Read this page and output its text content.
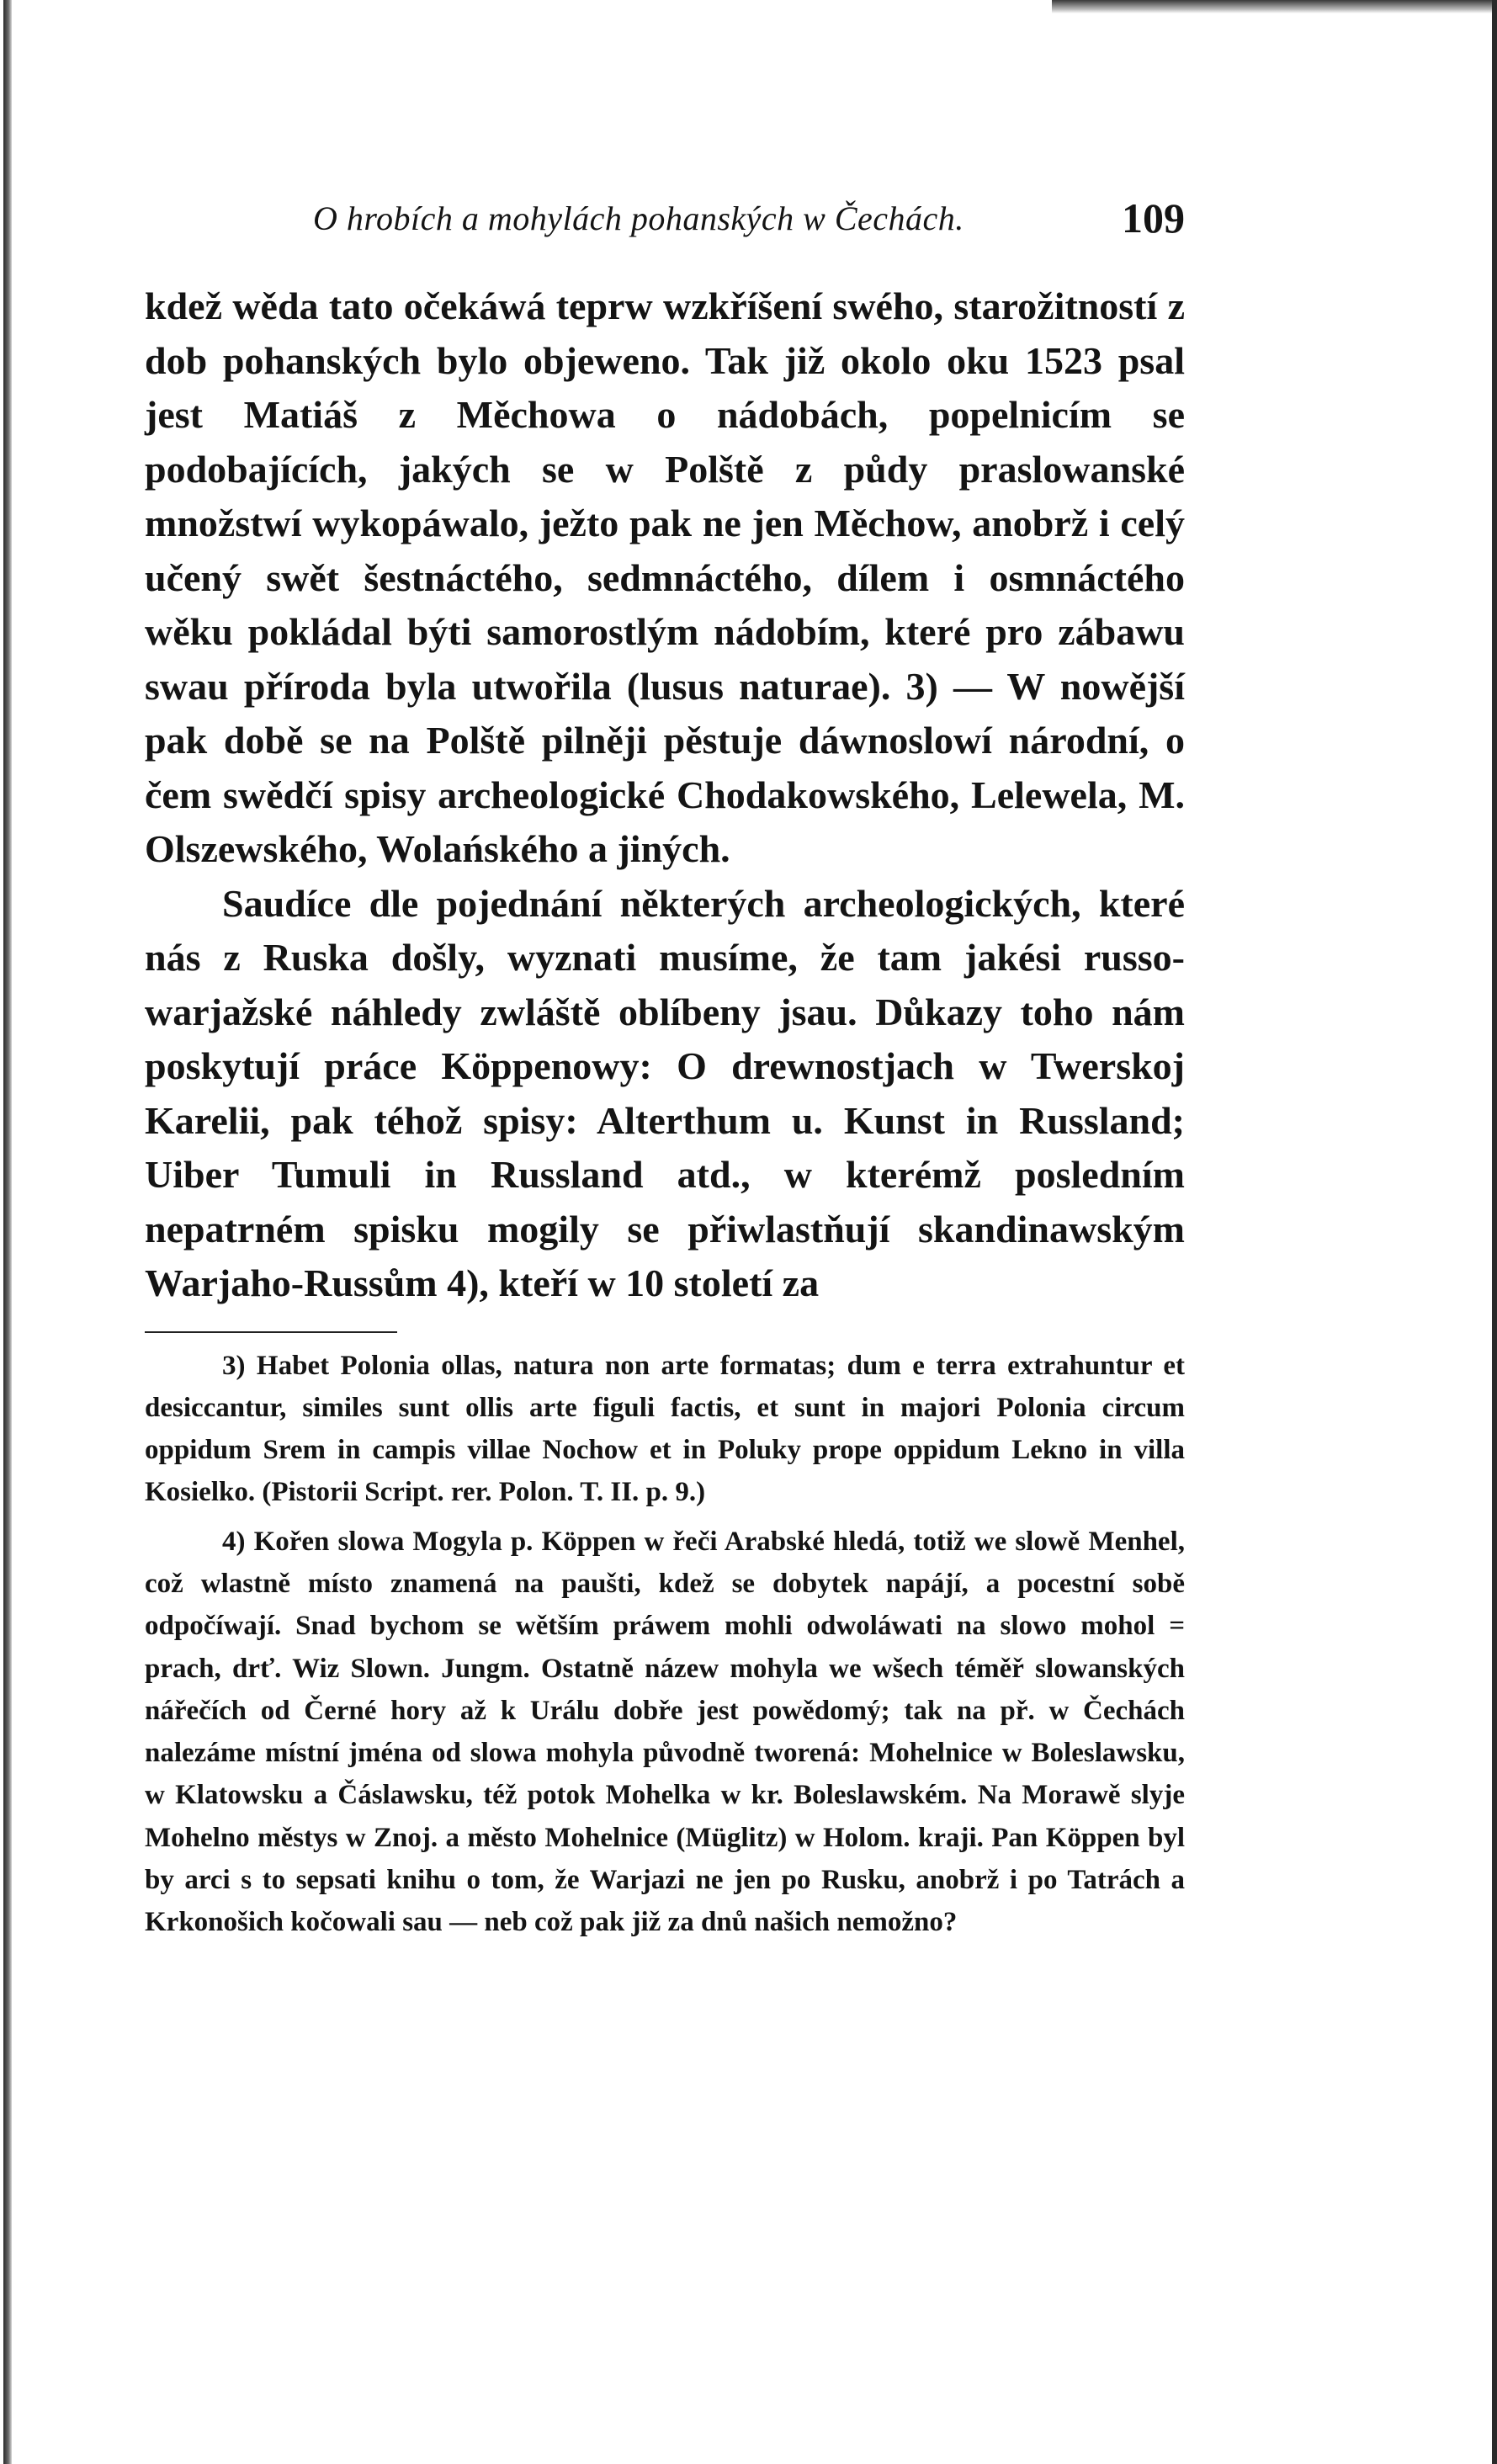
O hrobích a mohylách pohanských w Čechách.	109

kdež wěda tato očekáwá teprw wzkříšení swého, starožitností z dob pohanských bylo objeweno. Tak již okolo oku 1523 psal jest Matiáš z Měchowa o nádobách, popelnicím se podobajících, jakých se w Polště z půdy praslowanské množstwí wykopáwalo, ježto pak ne jen Měchow, anobrž i celý učený swět šestnáctého, sedmnáctého, dílem i osmnáctého wěku pokládal býti samorostlým nádobím, které pro zábawu swau příroda byla utwořila (lusus naturae). 3) — W nowější pak době se na Polště pilněji pěstuje dáwnoslowí národní, o čem swědčí spisy archeologické Chodakowského, Lelewela, M. Olszewského, Wolańského a jiných.

Saudíce dle pojednání některých archeologických, které nás z Ruska došly, wyznati musíme, že tam jakési russo-warjažské náhledy zwláště oblíbeny jsau. Důkazy toho nám poskytují práce Köppenowy: O drewnostjach w Twerskoj Karelii, pak téhož spisy: Alterthum u. Kunst in Russland; Uiber Tumuli in Russland atd., w kterémž posledním nepatrném spisku mogily se přiwlastňují skandinawským Warjaho-Russům 4), kteří w 10 století za

3) Habet Polonia ollas, natura non arte formatas; dum e terra extrahuntur et desiccantur, similes sunt ollis arte figuli factis, et sunt in majori Polonia circum oppidum Srem in campis villae Nochow et in Poluky prope oppidum Lekno in villa Kosielko. (Pistorii Script. rer. Polon. T. II. p. 9.)

4) Kořen slowa Mogyla p. Köppen w řeči Arabské hledá, totiž we slowě Menhel, což wlastně místo znamená na paušti, kdež se dobytek napájí, a pocestní sobě odpočíwají. Snad bychom se wětším práwem mohli odwoláwati na slowo mohol = prach, drť. Wiz Slown. Jungm. Ostatně názew mohyla we wšech téměř slowanských nářečích od Černé hory až k Urálu dobře jest powědomý; tak na př. w Čechách nalezáme místní jména od slowa mohyla původně tworená: Mohelnice w Boleslawsku, w Klatowsku a Čáslawsku, též potok Mohelka w kr. Boleslawském. Na Morawě slyje Mohelno městys w Znoj. a město Mohelnice (Müglitz) w Holom. kraji. Pan Köppen byl by arci s to sepsati knihu o tom, že Warjazi ne jen po Rusku, anobrž i po Tatrách a Krkonošich kočowali sau — neb což pak již za dnů našich nemožno?
